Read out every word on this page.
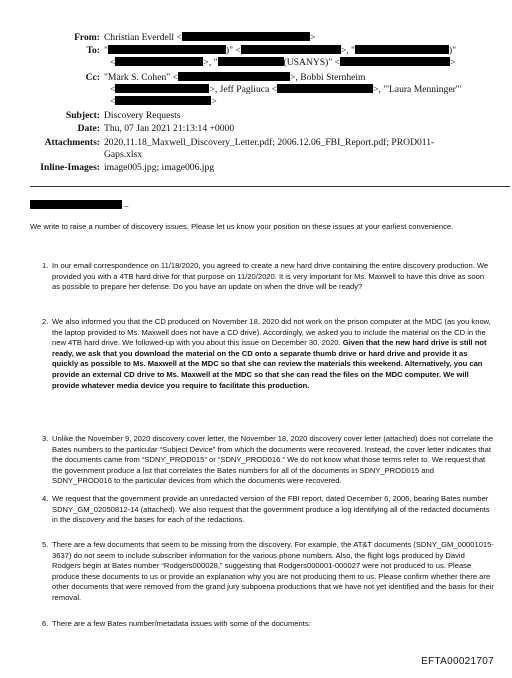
From: Christian Everdell <	>
To: "	)" <	>, "	)"
<	>, "	(USANYS)" <	>
Cc: "Mark S. Cohen" <	>, Bobbi Sternheim
<	>, Jeff Pagliuca <	>, "'Laura Menninger'"
<	>
Subject: Discovery Requests
Date: Thu, 07 Jan 2021 21:13:14 +0000
Attachments: 2020.11.18_Maxwell_Discovery_Letter.pdf; 2006.12.06_FBI_Report.pdf; PROD011-
Gaps.xlsx
Inline-Images: image005.jpg; image006.jpg
–

We write to raise a number of discovery issues. Please let us know your position on these issues at your earliest convenience.

1. In our email correspondence on 11/18/2020, you agreed to create a new hard drive containing the entire discovery production. We provided you with a 4TB hard drive for that purpose on 11/20/2020. It is very important for Ms. Maxwell to have this drive as soon as possible to prepare her defense. Do you have an update on when the drive will be ready?
2. We also informed you that the CD produced on November 18, 2020 did not work on the prison computer at the MDC (as you know, the laptop provided to Ms. Maxwell does not have a CD drive). Accordingly, we asked you to include the material on the CD in the new 4TB hard drive. We followed-up with you about this issue on December 30, 2020. Given that the new hard drive is still not ready, we ask that you download the material on the CD onto a separate thumb drive or hard drive and provide it as quickly as possible to Ms. Maxwell at the MDC so that she can review the materials this weekend. Alternatively, you can provide an external CD drive to Ms. Maxwell at the MDC so that she can read the files on the MDC computer. We will provide whatever media device you require to facilitate this production.
3. Unlike the November 9, 2020 discovery cover letter, the November 18, 2020 discovery cover letter (attached) does not correlate the Bates numbers to the particular “Subject Device” from which the documents were recovered. Instead, the cover letter indicates that the documents came from “SDNY_PROD015” or “SDNY_PROD016.” We do not know what those terms refer to. We request that the government produce a list that correlates the Bates numbers for all of the documents in SDNY_PROD015 and SDNY_PROD016 to the particular devices from which the documents were recovered.
4. We request that the government provide an unredacted version of the FBI report, dated December 6, 2006, bearing Bates number SDNY_GM_02050812-14 (attached). We also request that the government produce a log identifying all of the redacted documents in the discovery and the bases for each of the redactions.
5. There are a few documents that seem to be missing from the discovery. For example, the AT&T documents (SDNY_GM_00001015-3637) do not seem to include subscriber information for the various phone numbers. Also, the flight logs produced by David Rodgers begin at Bates number “Rodgers000028,” suggesting that Rodgers000001-000027 were not produced to us. Please produce these documents to us or provide an explanation why you are not producing them to us. Please confirm whether there are other documents that were removed from the grand jury subpoena productions that we have not yet identified and the basis for their removal.
6. There are a few Bates number/metadata issues with some of the documents:
EFTA00021707
